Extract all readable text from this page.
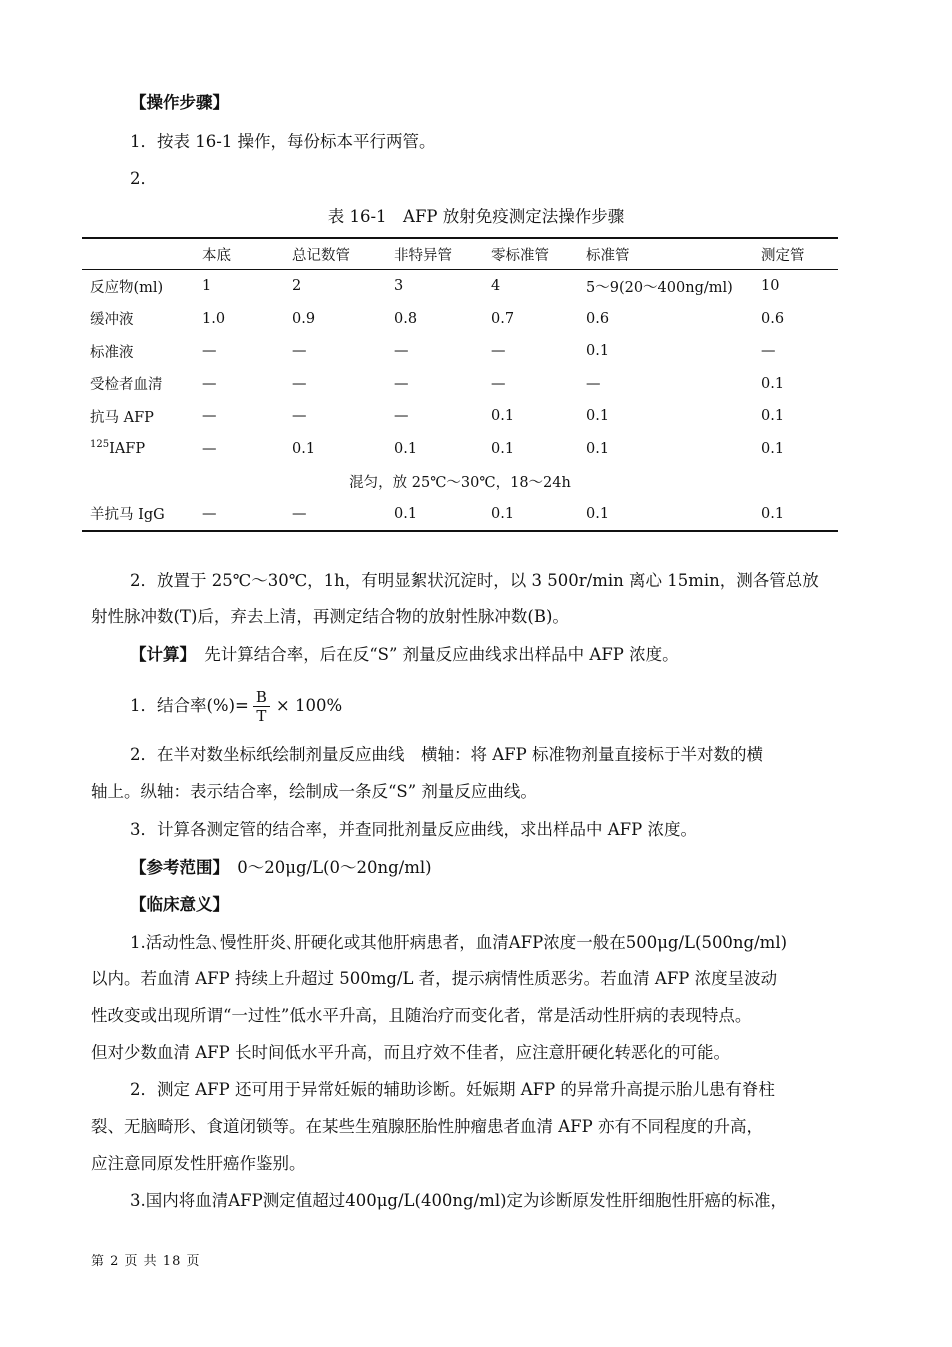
【操作步骤】
1．按表 16-1 操作，每份标本平行两管。
2．
表 16-1　AFP 放射免疫测定法操作步骤
	本底	总记数管	非特异管	零标准管	标准管	测定管
反应物(ml)	1	2	3	4	5～9(20～400ng/ml)	10
缓冲液	1.0	0.9	0.8	0.7	0.6	0.6
标准液	—	—	—	—	0.1	—
受检者血清	—	—	—	—	—	0.1
抗马 AFP	—	—	—	0.1	0.1	0.1
$^{125}$IAFP	—	0.1	0.1	0.1	0.1	0.1
混匀，放 25℃～30℃，18～24h						
羊抗马 IgG	—	—	0.1	0.1	0.1	0.1
2．放置于 25℃～30℃，1h，有明显絮状沉淀时，以 3 500r/min 离心 15min，测各管总放
射性脉冲数(T)后，弃去上清，再测定结合物的放射性脉冲数(B)。
【计算】　先计算结合率，后在反“S” 剂量反应曲线求出样品中 AFP 浓度。
1．结合率(%)= $\frac{B}{T} \times 100\%$
2．在半对数坐标纸绘制剂量反应曲线　横轴：将 AFP 标准物剂量直接标于半对数的横
轴上。纵轴：表示结合率，绘制成一条反“S” 剂量反应曲线。
3．计算各测定管的结合率，并查同批剂量反应曲线，求出样品中 AFP 浓度。
【参考范围】　0～20μg/L(0～20ng/ml)
【临床意义】
1.活动性急､慢性肝炎､肝硬化或其他肝病患者，血清AFP浓度一般在500μg/L(500ng/ml)
以内。若血清 AFP 持续上升超过 500mg/L 者，提示病情性质恶劣。若血清 AFP 浓度呈波动
性改变或出现所谓“一过性”低水平升高，且随治疗而变化者，常是活动性肝病的表现特点。
但对少数血清 AFP 长时间低水平升高，而且疗效不佳者，应注意肝硬化转恶化的可能。
2．测定 AFP 还可用于异常妊娠的辅助诊断。妊娠期 AFP 的异常升高提示胎儿患有脊柱
裂、无脑畸形、食道闭锁等。在某些生殖腺胚胎性肿瘤患者血清 AFP 亦有不同程度的升高，
应注意同原发性肝癌作鉴别。
3.国内将血清AFP测定值超过400μg/L(400ng/ml)定为诊断原发性肝细胞性肝癌的标准，
第 2 页 共 18 页
